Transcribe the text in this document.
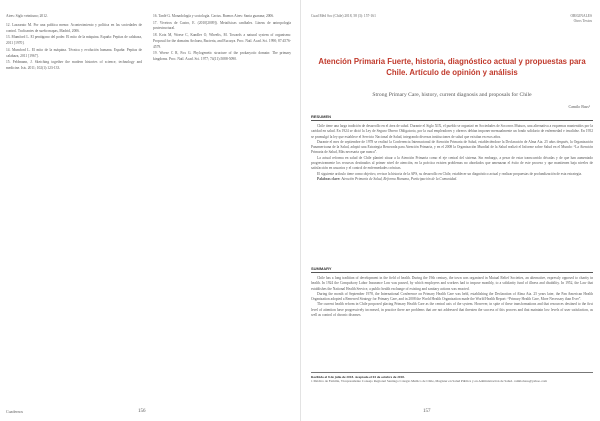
Aires: Siglo veintiuno; 2012.
12. Lazzarato M. Por una política menor. Acontecimiento y política en las sociedades de control. Traficantes de sueño mapas, Madrid, 2006.
13. Mumford L. El pentágono del poder. El mito de la máquina. España: Pepitas de calabaza, 2011 [1970].
14. Mumford L. El mito de la máquina. Técnica y evolución humana. España: Pepitas de calabaza, 2011 [1967].
15. Feldmann, J. Sketching together the modern histories of science, technology and medicine. Isis. 2011; 102(1):123-133.
16. Tardé G. Monadología y sociología. Cactus. Buenos Aires: Santa guarana; 2006.
17. Viveiros de Castro, E. (2010[2009]). Metafísicas caníbales. Líneas de antropología postestructural.
18. Kotz M, Woese C, Kandler O, Wheelis, M. Towards a natural system of organisms: Proposal for the domains Archaea, Bacteria, and Eucarya. Proc. Natl. Acad. Sci. 1990; 87:4576-4579.
19. Woese C R, Fox G. Phylogenetic structure of the prokaryotic domain: The primary kingdoms. Proc. Natl. Acad. Sci. 1977; 74(11):5088-5090.
Cuadernos	156
Cuad Méd Soc (Chile) 2018, 58 (3): 157-161	ORIGINALES
Otros Textos
Atención Primaria Fuerte, historia, diagnóstico actual y propuestas para Chile. Artículo de opinión y análisis
Strong Primary Care, history, current diagnosis and proposals for Chile
Camilo Bass¹
RESUMEN

Chile tiene una larga tradición de desarrollo en el área de salud. Durante el Siglo XIX, el pueblo se organizó en Sociedades de Socorros Mutuos, una alternativa a esquemas mantenidos por la caridad en salud. En 1924 se dictó la Ley de Seguro Obrero Obligatorio, por la cual empleadores y obreros debían imponer mensualmente un fondo solidario de enfermedad e invalidez. En 1952 se promulgó la ley que establece el Servicio Nacional de Salud, integrando diversas instituciones de salud que existían en esos años.

Durante el mes de septiembre de 1978 se realizó la Conferencia Internacional de Atención Primaria de Salud, estableciéndose la Declaración de Alma Ata. 25 años después, la Organización Panamericana de la Salud, adoptó una Estrategia Renovada para Atención Primaria, y en el 2008 la Organización Mundial de la Salud realizó el Informe sobre Salud en el Mundo: “La Atención Primaria de Salud, Más necesaria que nunca”.

La actual reforma en salud de Chile planteó situar a la Atención Primaria como el eje central del sistema. Sin embargo, a pesar de estar transcurrido décadas y de que han aumentado progresivamente los recursos destinados al primer nivel de atención, en la práctica existen problemas no abordados que amenazan el éxito de este proceso y que mantienen baja niveles de satisfacción en usuarios y el control de enfermedades crónicas.

El siguiente artículo tiene como objetivo, revisar la historia de la APS, su desarrollo en Chile, establecer un diagnóstico actual y realizar propuestas de profundización de esta estrategia.

Palabras clave: Atención Primaria de Salud, Reforma Humana, Participación de la Comunidad.

SUMMARY

Chile has a long tradition of development in the field of health. During the 19th century, the town was organized in Mutual Relief Societies, an alternative, expressly opposed to charity in health. In 1924 the Compulsory Labor Insurance Law was passed, by which employers and workers had to impose monthly, to a solidarity fund of illness and disability. In 1952, the Law that establishes the National Health Service, a public health exchange of existing and sanitary actions was enacted.

During the month of September 1978, the International Conference on Primary Health Care was held, establishing the Declaration of Alma Ata. 25 years later, the Pan American Health Organization adopted a Renewed Strategy for Primary Care, and in 2008 the World Health Organization made the World Health Report: “Primary Health Care, More Necessary than Ever”.

The current health reform in Chile proposed placing Primary Health Care as the central axis of the system. However, in spite of these transformations and that resources destined to the first level of attention have progressively increased, in practice there are problems that are not addressed that threaten the success of this process and that maintain low levels of user satisfaction, as well as control of chronic diseases.

Recibido el 8 de julio de 2018. Aceptado el 04 de octubre de 2018.
1 Médico de Familia, Vicepresidente Consejo Regional Santiago Colegio Médico de Chile, Magíster en Salud Pública y en Administración de Salud. camilobass@yahoo.com
157
